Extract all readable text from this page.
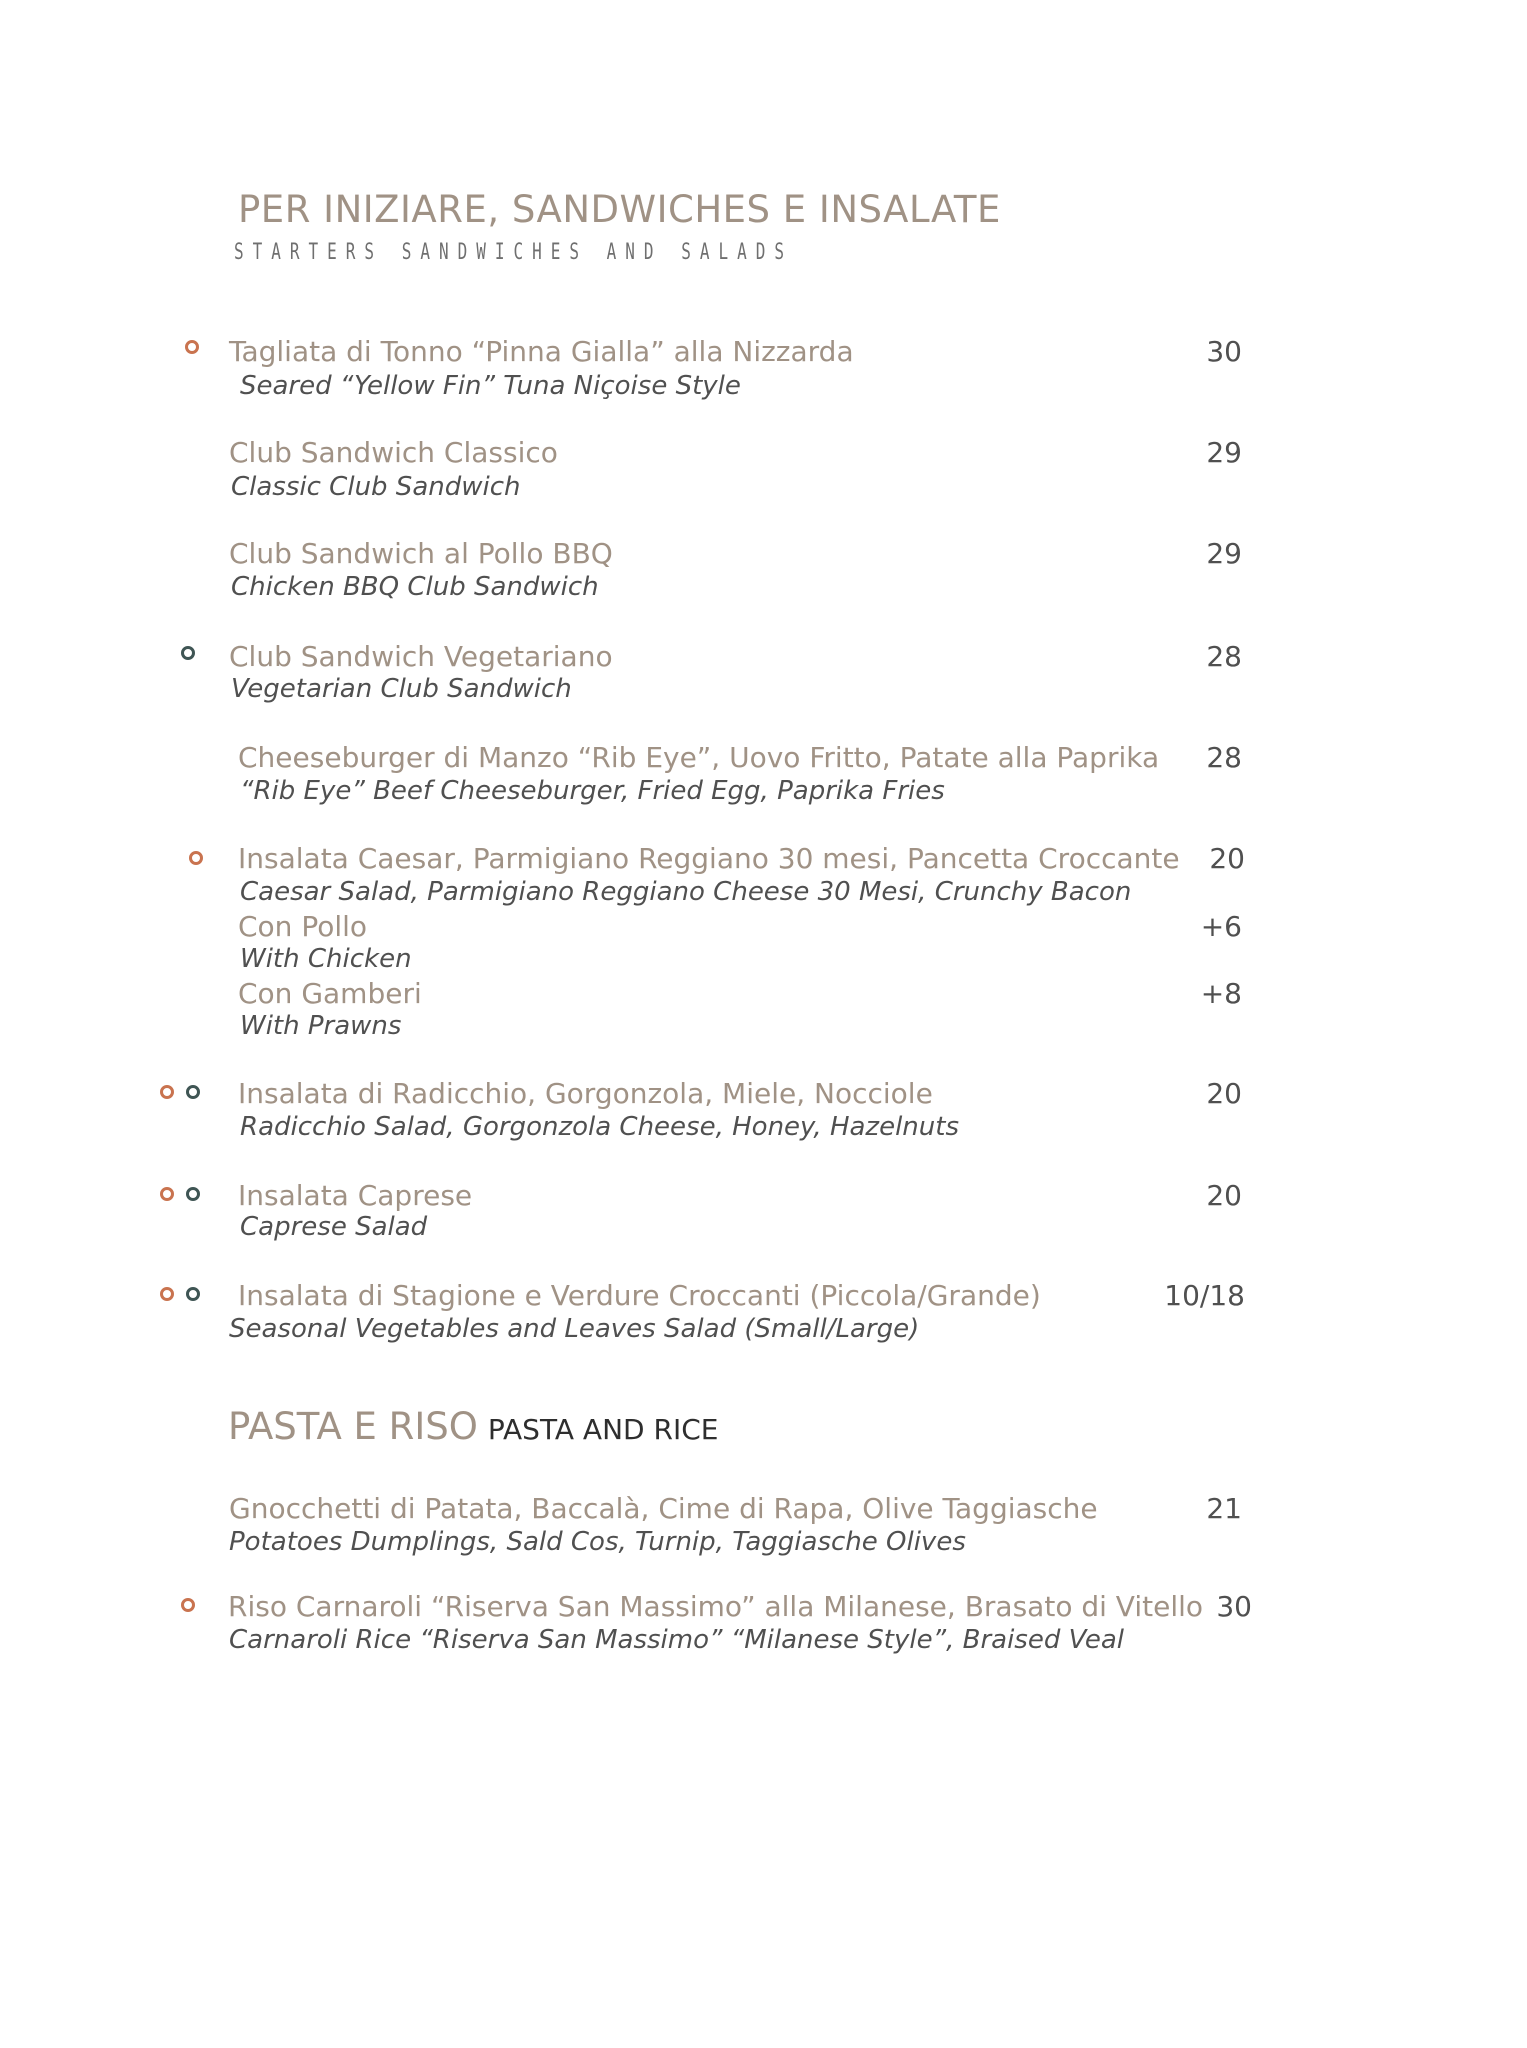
PER INIZIARE, SANDWICHES E INSALATE
STARTERS SANDWICHES AND SALADS
Tagliata di Tonno “Pinna Gialla” alla Nizzarda
Seared “Yellow Fin” Tuna Niçoise Style
30
Club Sandwich Classico
Classic Club Sandwich
29
Club Sandwich al Pollo BBQ
Chicken BBQ Club Sandwich
29
Club Sandwich Vegetariano
Vegetarian Club Sandwich
28
Cheeseburger di Manzo “Rib Eye”, Uovo Fritto, Patate alla Paprika
“Rib Eye” Beef Cheeseburger, Fried Egg, Paprika Fries
28
Insalata Caesar, Parmigiano Reggiano 30 mesi, Pancetta Croccante
Caesar Salad, Parmigiano Reggiano Cheese 30 Mesi, Crunchy Bacon
20
Con Pollo
With Chicken
+6
Con Gamberi
With Prawns
+8
Insalata di Radicchio, Gorgonzola, Miele, Nocciole
Radicchio Salad, Gorgonzola Cheese, Honey, Hazelnuts
20
Insalata Caprese
Caprese Salad
20
Insalata di Stagione e Verdure Croccanti (Piccola/Grande)
Seasonal Vegetables and Leaves Salad (Small/Large)
10/18
PASTA E RISO PASTA AND RICE
Gnocchetti di Patata, Baccalà, Cime di Rapa, Olive Taggiasche
Potatoes Dumplings, Sald Cos, Turnip, Taggiasche Olives
21
Riso Carnaroli “Riserva San Massimo” alla Milanese, Brasato di Vitello
Carnaroli Rice “Riserva San Massimo” “Milanese Style”, Braised Veal
30
